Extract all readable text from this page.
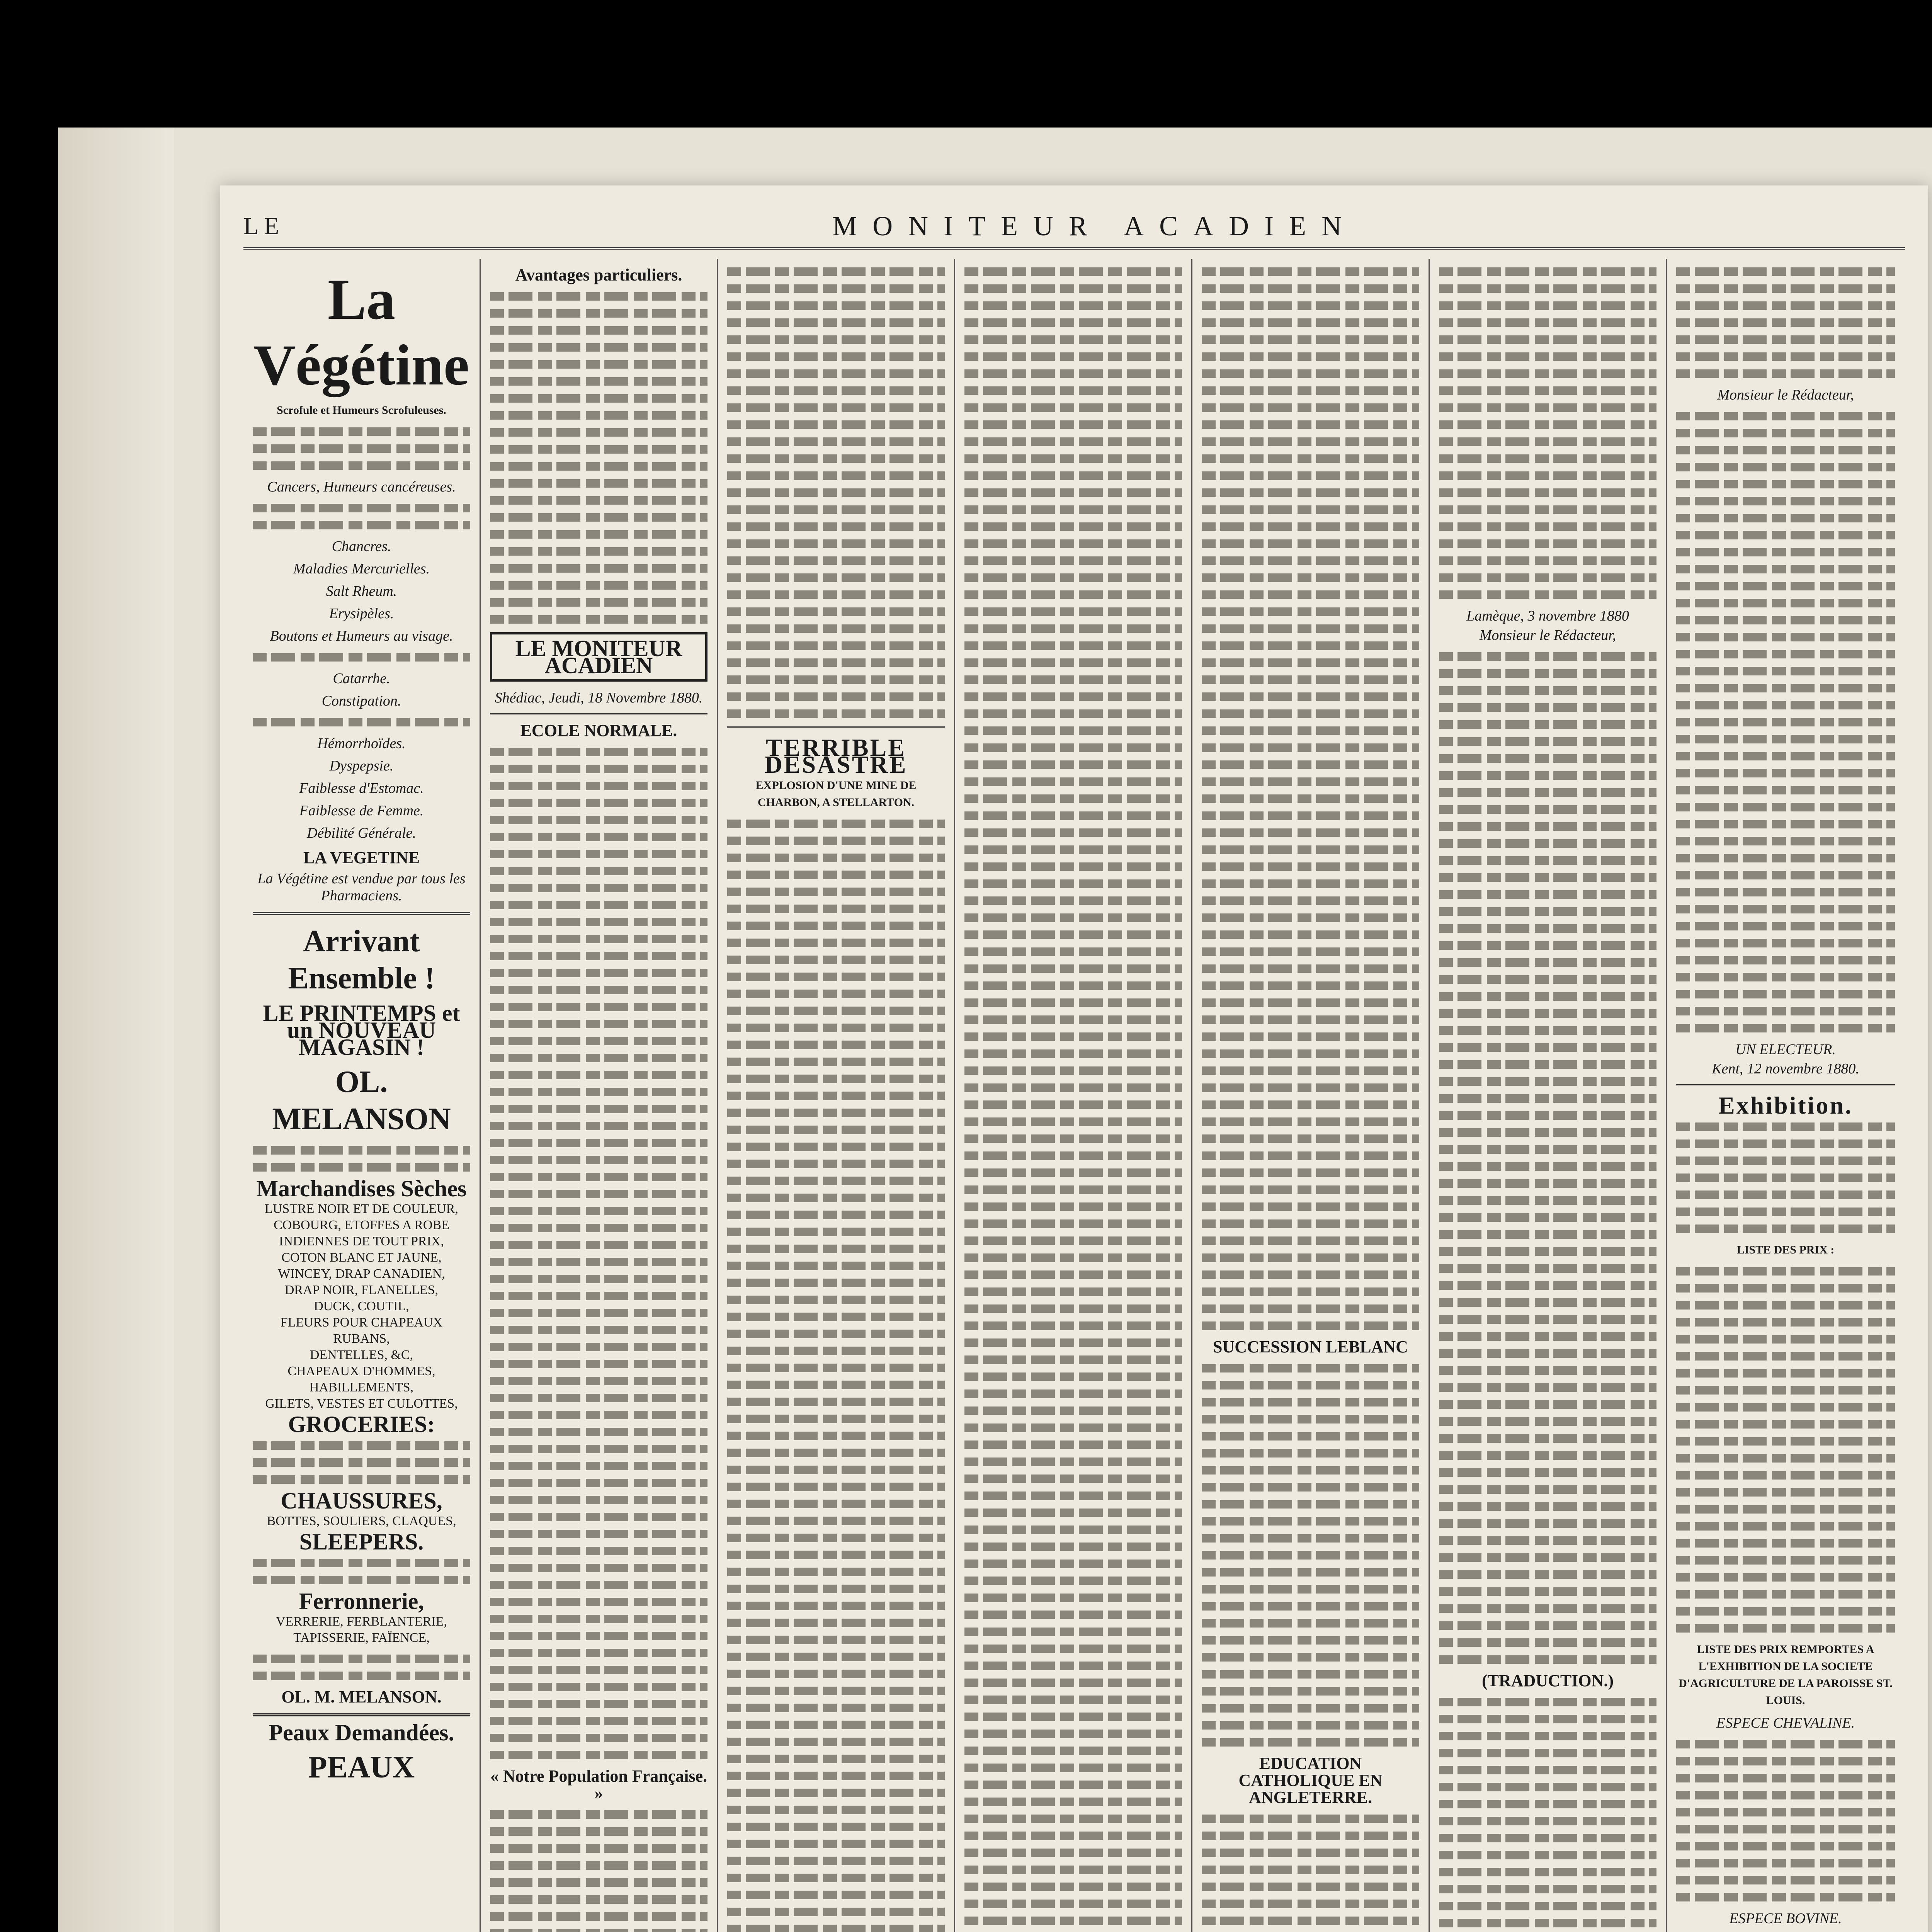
LE	MONITEUR ACADIEN
La Végétine
Scrofule et Humeurs Scrofuleuses.
Cancers, Humeurs cancéreuses.
Chancres.
Maladies Mercurielles.
Salt Rheum.
Erysipèles.
Boutons et Humeurs au visage.
Catarrhe.
Constipation.
Hémorrhoïdes.
Dyspepsie.
Faiblesse d'Estomac.
Faiblesse de Femme.
Débilité Générale.
LA VEGETINE
La Végétine est vendue par tous les Pharmaciens.
Arrivant Ensemble !
LE PRINTEMPS et un NOUVEAU MAGASIN !
OL. MELANSON
Marchandises Sèches
LUSTRE NOIR ET DE COULEUR,
COBOURG, ETOFFES A ROBE
INDIENNES DE TOUT PRIX,
COTON BLANC ET JAUNE,
WINCEY, DRAP CANADIEN,
DRAP NOIR, FLANELLES,
DUCK, COUTIL,
FLEURS POUR CHAPEAUX
RUBANS,
DENTELLES, &C,
CHAPEAUX D'HOMMES,
HABILLEMENTS,
GILETS, VESTES ET CULOTTES,
GROCERIES:
CHAUSSURES,
BOTTES, SOULIERS, CLAQUES,
SLEEPERS.
Ferronnerie,
VERRERIE, FERBLANTERIE, TAPISSERIE, FAÏENCE,
OL. M. MELANSON.
Peaux Demandées.
PEAUX
Avantages particuliers.
LE MONITEUR ACADIEN
Shédiac, Jeudi, 18 Novembre 1880.
ECOLE NORMALE.
« Notre Population Française. »
TERRIBLE DESASTRE
EXPLOSION D'UNE MINE DE CHARBON, A STELLARTON.
SUCCESSION LEBLANC
EDUCATION CATHOLIQUE EN ANGLETERRE.
Lamèque, 3 novembre 1880
Monsieur le Rédacteur,
(TRADUCTION.)
Monsieur le Rédacteur,
UN ELECTEUR.
Kent, 12 novembre 1880.
Exhibition.
LISTE DES PRIX :
LISTE DES PRIX REMPORTES A L'EXHIBITION DE LA SOCIETE D'AGRICULTURE DE LA PAROISSE ST. LOUIS.
ESPECE CHEVALINE.
ESPECE BOVINE.
